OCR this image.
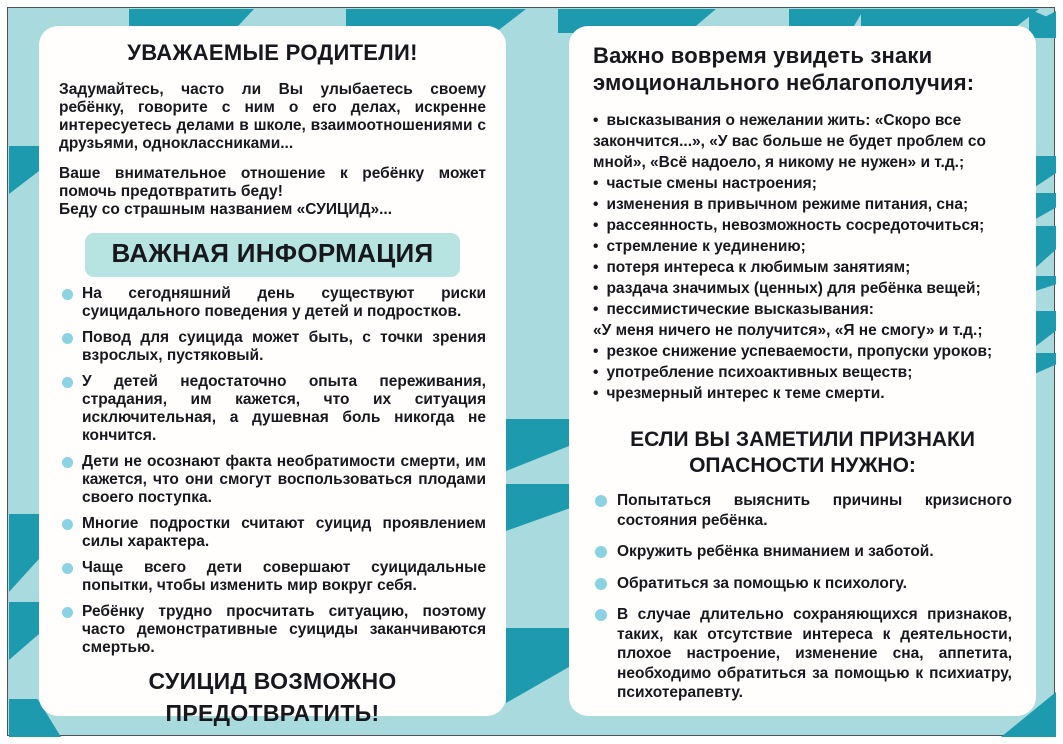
УВАЖАЕМЫЕ РОДИТЕЛИ!

Задумайтесь, часто ли Вы улыбаетесь своему ребёнку, говорите с ним о его делах, искренне интересуетесь делами в школе, взаимоотношениями с друзьями, одноклассниками...

Ваше внимательное отношение к ребёнку может помочь предотвратить беду!

Беду со страшным названием «СУИЦИД»...

ВАЖНАЯ ИНФОРМАЦИЯ
На сегодняшний день существуют риски суицидального поведения у детей и подростков.
Повод для суицида может быть, с точки зрения взрослых, пустяковый.
У детей недостаточно опыта переживания, страдания, им кажется, что их ситуация исключительная, а душевная боль никогда не кончится.
Дети не осознают факта необратимости смерти, им кажется, что они смогут воспользоваться плодами своего поступка.
Многие подростки считают суицид проявлением силы характера.
Чаще всего дети совершают суицидальные попытки, чтобы изменить мир вокруг себя.
Ребёнку трудно просчитать ситуацию, поэтому часто демонстративные суициды заканчиваются смертью.
СУИЦИД ВОЗМОЖНО
ПРЕДОТВРАТИТЬ!
Важно вовремя увидеть знаки
эмоционального неблагополучия:
• высказывания о нежелании жить: «Скоро все закончится...», «У вас больше не будет проблем со мной», «Всё надоело, я никому не нужен» и т.д.;
• частые смены настроения;
• изменения в привычном режиме питания, сна;
• рассеянность, невозможность сосредоточиться;
• стремление к уединению;
• потеря интереса к любимым занятиям;
• раздача значимых (ценных) для ребёнка вещей;
• пессимистические высказывания:
«У меня ничего не получится», «Я не смогу» и т.д.;
• резкое снижение успеваемости, пропуски уроков;
• употребление психоактивных веществ;
• чрезмерный интерес к теме смерти.
ЕСЛИ ВЫ ЗАМЕТИЛИ ПРИЗНАКИ
ОПАСНОСТИ НУЖНО:
Попытаться выяснить причины кризисного состояния ребёнка.
Окружить ребёнка вниманием и заботой.
Обратиться за помощью к психологу.
В случае длительно сохраняющихся признаков, таких, как отсутствие интереса к деятельности, плохое настроение, изменение сна, аппетита, необходимо обратиться за помощью к психиатру, психотерапевту.
